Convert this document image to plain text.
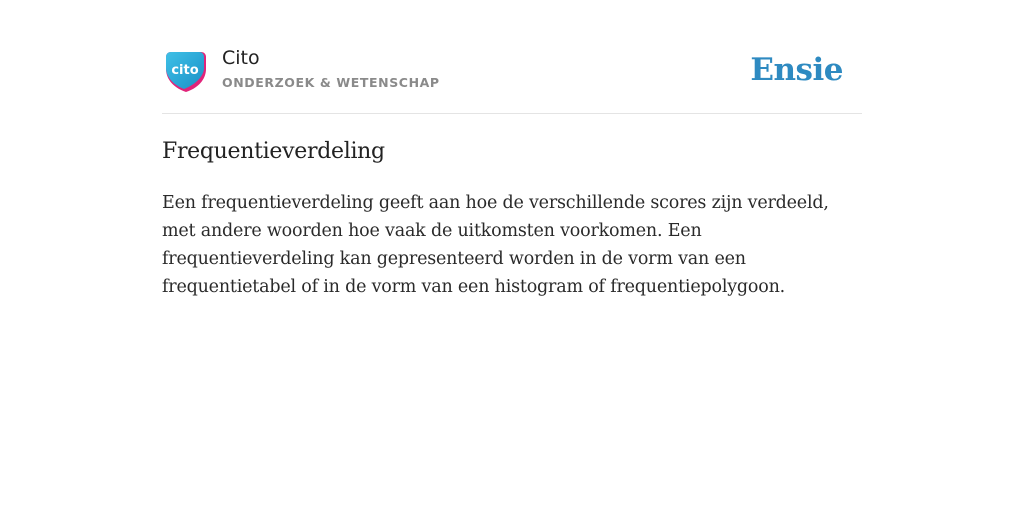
cito
Cito
ONDERZOEK & WETENSCHAP	Ensie
Frequentieverdeling

Een frequentieverdeling geeft aan hoe de verschillende scores zijn verdeeld, met andere woorden hoe vaak de uitkomsten voorkomen. Een frequentieverdeling kan gepresenteerd worden in de vorm van een frequentietabel of in de vorm van een histogram of frequentiepolygoon.
